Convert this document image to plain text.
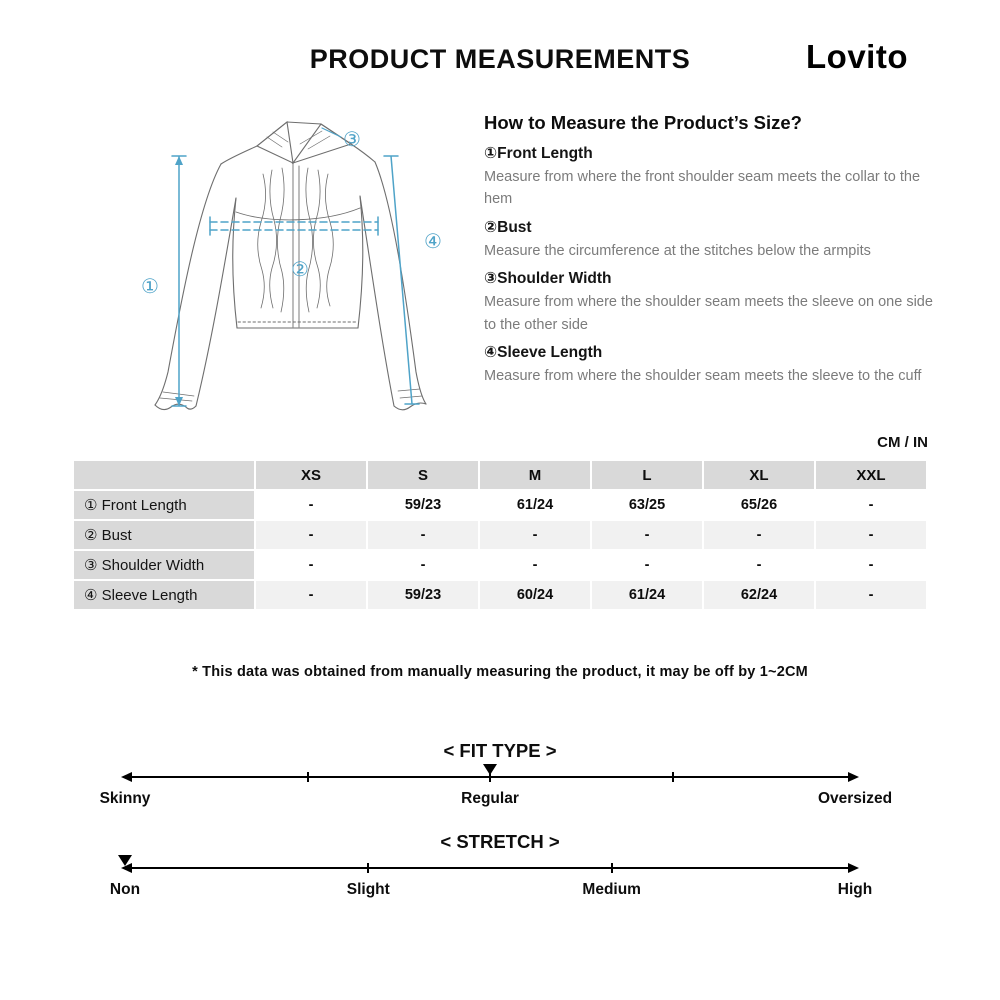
PRODUCT MEASUREMENTS	Lovito
①
②
③
④
How to Measure the Product’s Size?
①Front Length
Measure from where the front shoulder seam meets the collar to the hem
②Bust
Measure the circumference at the stitches below the armpits
③Shoulder Width
Measure from where the shoulder seam meets the sleeve on one side to the other side
④Sleeve Length
Measure from where the shoulder seam meets the sleeve to the cuff
CM / IN
	XS	S	M	L	XL	XXL
① Front Length	-	59/23	61/24	63/25	65/26	-
② Bust	-	-	-	-	-	-
③ Shoulder Width	-	-	-	-	-	-
④ Sleeve Length	-	59/23	60/24	61/24	62/24	-
* This data was obtained from manually measuring the product, it may be off by 1~2CM
< FIT TYPE >
Skinny	Regular	Oversized
< STRETCH >
Non	Slight	Medium	High
